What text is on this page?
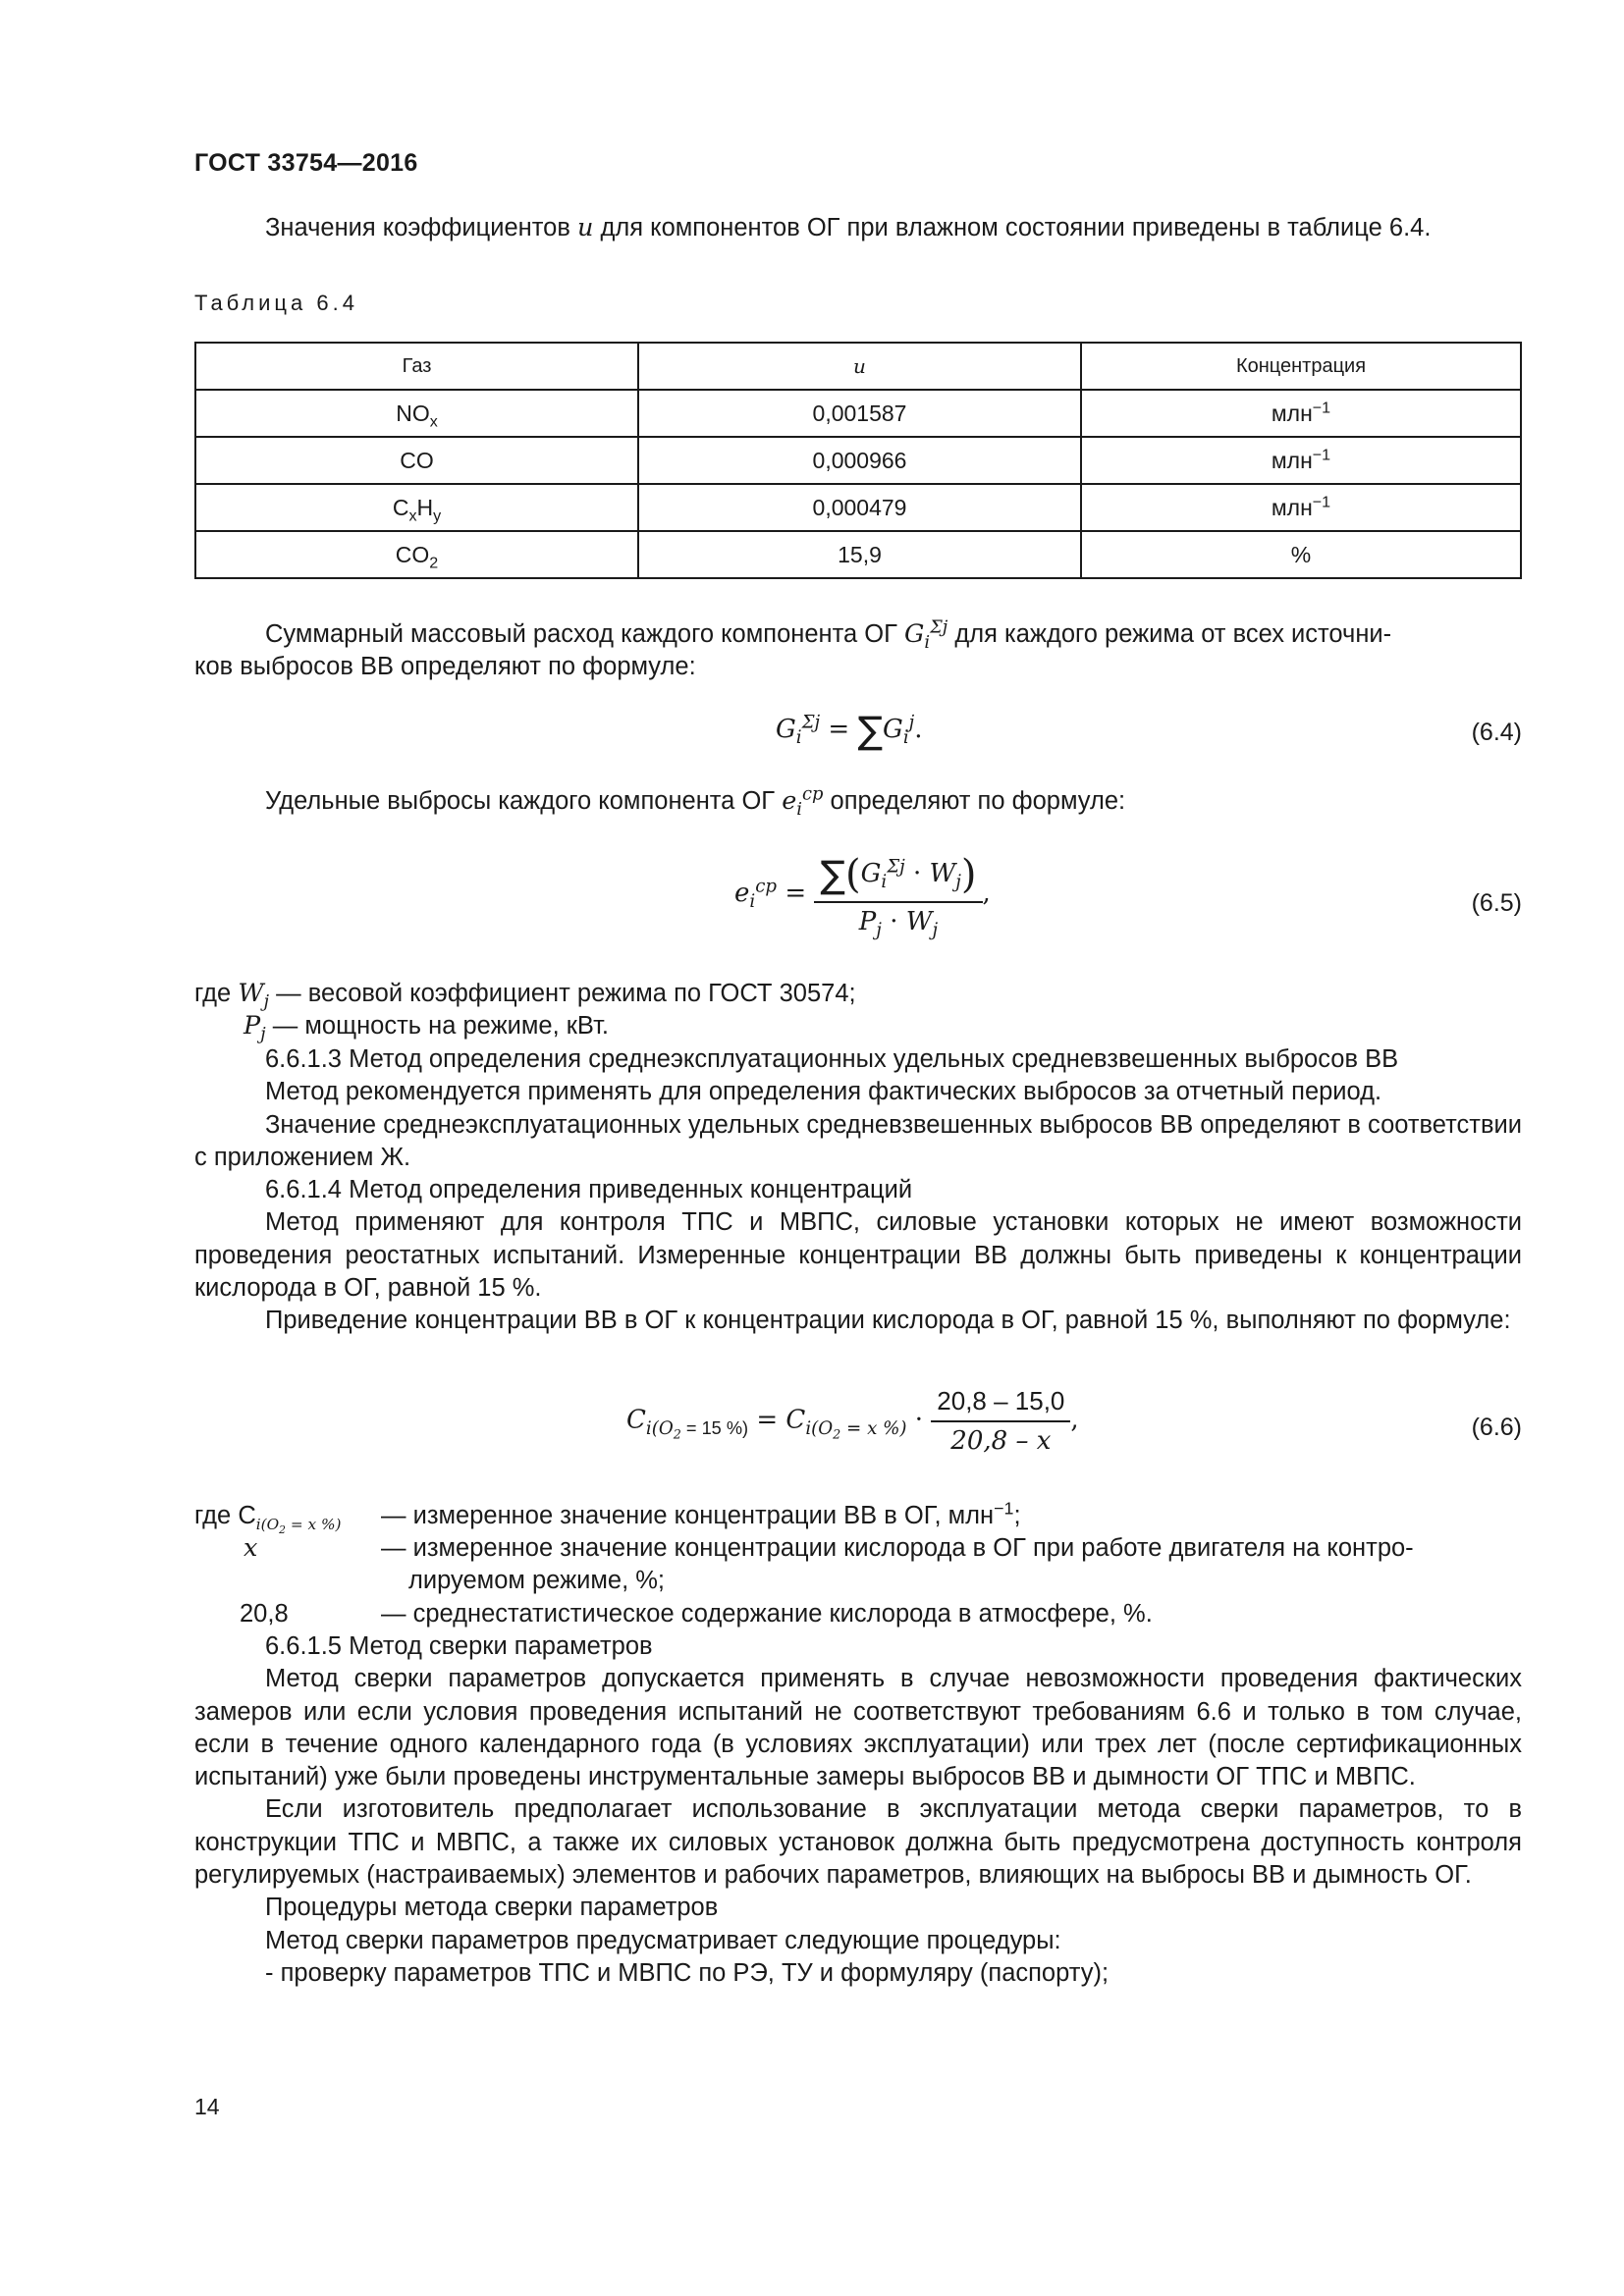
ГОСТ 33754—2016

Значения коэффициентов u для компонентов ОГ при влажном состоянии приведены в таблице 6.4.

Таблица 6.4
Газ	u	Концентрация
$NO_x$	0,001587	млн$^{-1}$
CO	0,000966	млн$^{-1}$
$C_xH_y$	0,000479	млн$^{-1}$
$CO_2$	15,9	%

Суммарный массовый расход каждого компонента ОГ $G_i^{\Sigma j}$ для каждого режима от всех источни-

ков выбросов ВВ определяют по формуле:

$G_i^{\Sigma j} = \sum G_i^j$.	(6.4)

Удельные выбросы каждого компонента ОГ $e_i^{ср}$ определяют по формуле:

$e_i^{ср} = \frac{\sum(G_i^{\Sigma j} \cdot W_j)}{P_j \cdot W_j}$ ,	(6.5)
где $W_j$ — весовой коэффициент режима по ГОСТ 30574;
$P_j$ — мощность на режиме, кВт.

6.6.1.3 Метод определения среднеэксплуатационных удельных средневзвешенных выбросов ВВ

Метод рекомендуется применять для определения фактических выбросов за отчетный период.

Значение среднеэксплуатационных удельных средневзвешенных выбросов ВВ определяют в соответствии с приложением Ж.

6.6.1.4 Метод определения приведенных концентраций

Метод применяют для контроля ТПС и МВПС, силовые установки которых не имеют возможности проведения реостатных испытаний. Измеренные концентрации ВВ должны быть приведены к концентрации кислорода в ОГ, равной 15 %.

Приведение концентрации ВВ в ОГ к концентрации кислорода в ОГ, равной 15 %, выполняют по формуле:

$C_{i(O_2 = 15 \%)} = C_{i(O_2 = x \%)} \cdot \frac{20,8 - 15,0}{20,8 - x}$ ,	(6.6)
где $C_{i(O_2 = x \%)}$ — измеренное значение концентрации ВВ в ОГ, млн$^{-1}$;
x	— измеренное значение концентрации кислорода в ОГ при работе двигателя на контро-
лируемом режиме, %;
20,8	— среднестатистическое содержание кислорода в атмосфере, %.

6.6.1.5 Метод сверки параметров

Метод сверки параметров допускается применять в случае невозможности проведения фактических замеров или если условия проведения испытаний не соответствуют требованиям 6.6 и только в том случае, если в течение одного календарного года (в условиях эксплуатации) или трех лет (после сертификационных испытаний) уже были проведены инструментальные замеры выбросов ВВ и дымности ОГ ТПС и МВПС.

Если изготовитель предполагает использование в эксплуатации метода сверки параметров, то в конструкции ТПС и МВПС, а также их силовых установок должна быть предусмотрена доступность контроля регулируемых (настраиваемых) элементов и рабочих параметров, влияющих на выбросы ВВ и дымность ОГ.

Процедуры метода сверки параметров

Метод сверки параметров предусматривает следующие процедуры:

- проверку параметров ТПС и МВПС по РЭ, ТУ и формуляру (паспорту);

14
